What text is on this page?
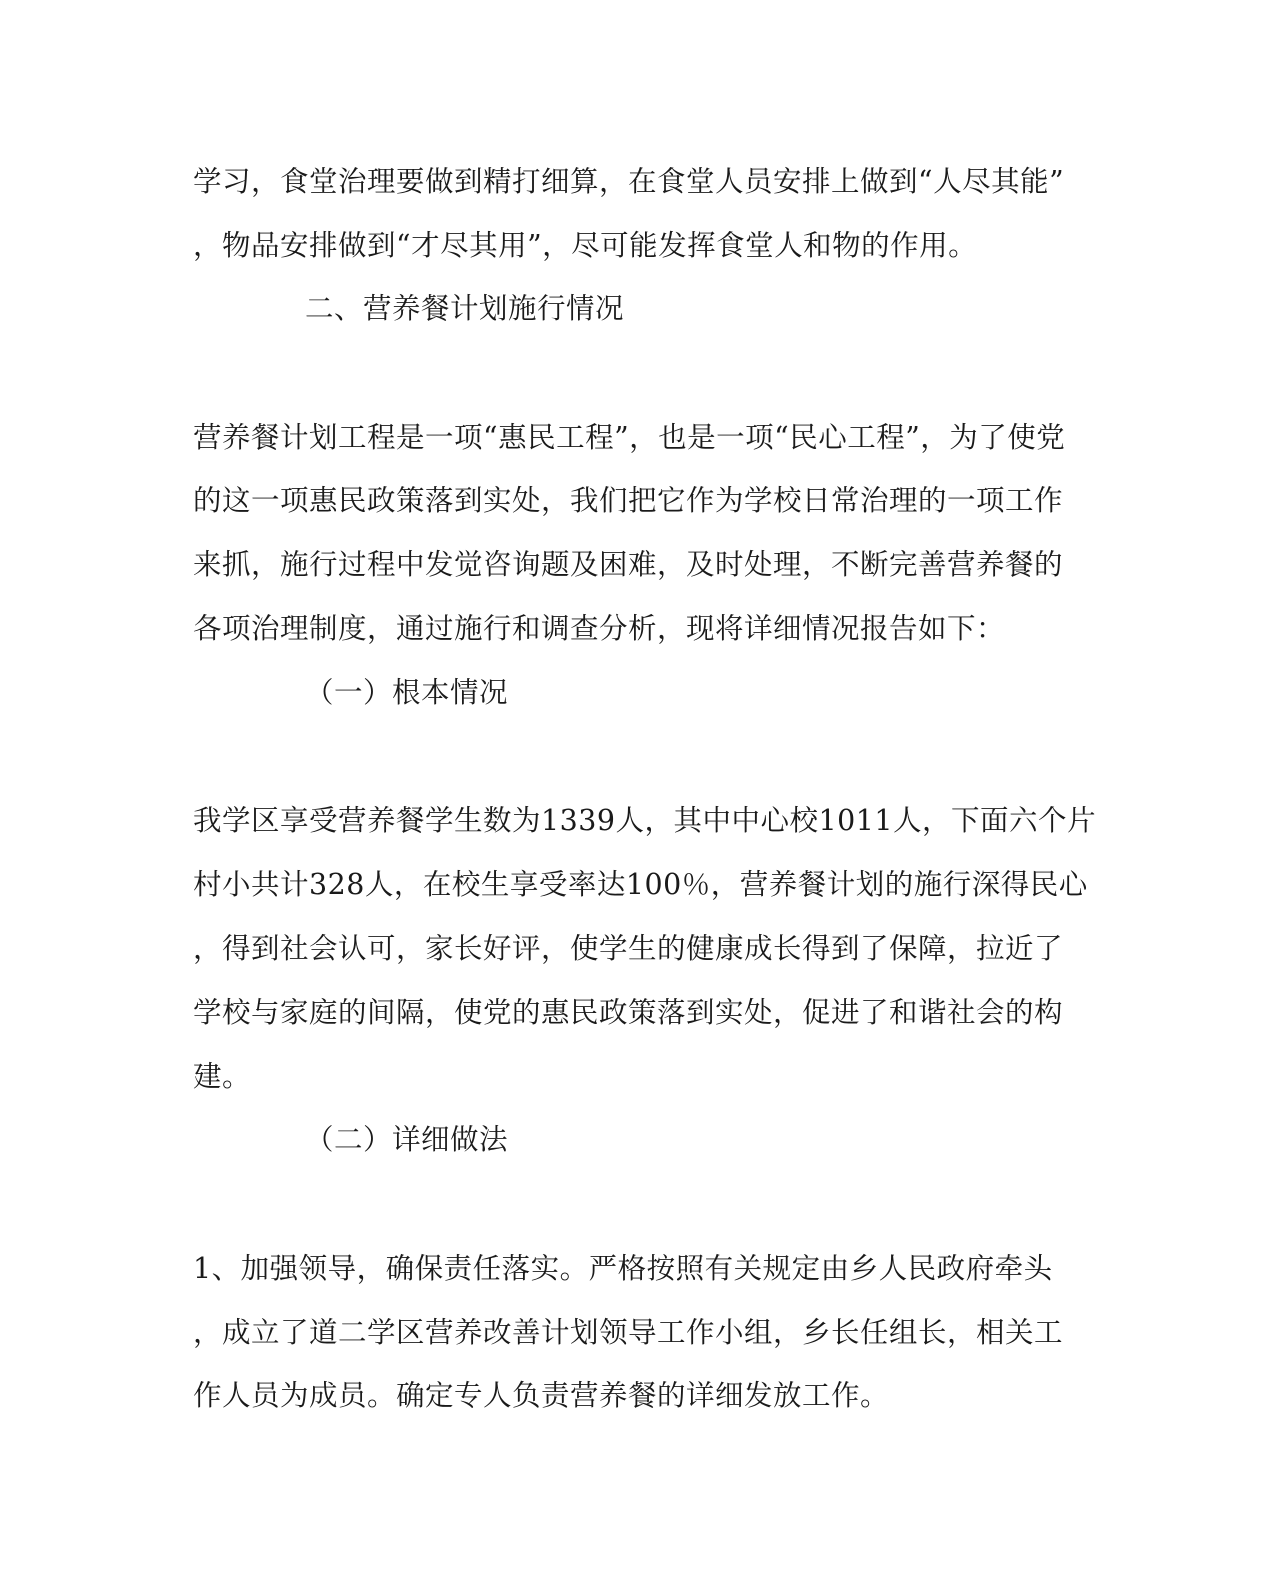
学习，食堂治理要做到精打细算，在食堂人员安排上做到“人尽其能”
，物品安排做到“才尽其用”，尽可能发挥食堂人和物的作用。
二、营养餐计划施行情况
营养餐计划工程是一项“惠民工程”，也是一项“民心工程”，为了使党
的这一项惠民政策落到实处，我们把它作为学校日常治理的一项工作
来抓，施行过程中发觉咨询题及困难，及时处理，不断完善营养餐的
各项治理制度，通过施行和调查分析，现将详细情况报告如下：
（一）根本情况
我学区享受营养餐学生数为1339人，其中中心校1011人，下面六个片
村小共计328人，在校生享受率达100％，营养餐计划的施行深得民心
，得到社会认可，家长好评，使学生的健康成长得到了保障，拉近了
学校与家庭的间隔，使党的惠民政策落到实处，促进了和谐社会的构
建。
（二）详细做法
1、加强领导，确保责任落实。严格按照有关规定由乡人民政府牵头
，成立了道二学区营养改善计划领导工作小组，乡长任组长，相关工
作人员为成员。确定专人负责营养餐的详细发放工作。
